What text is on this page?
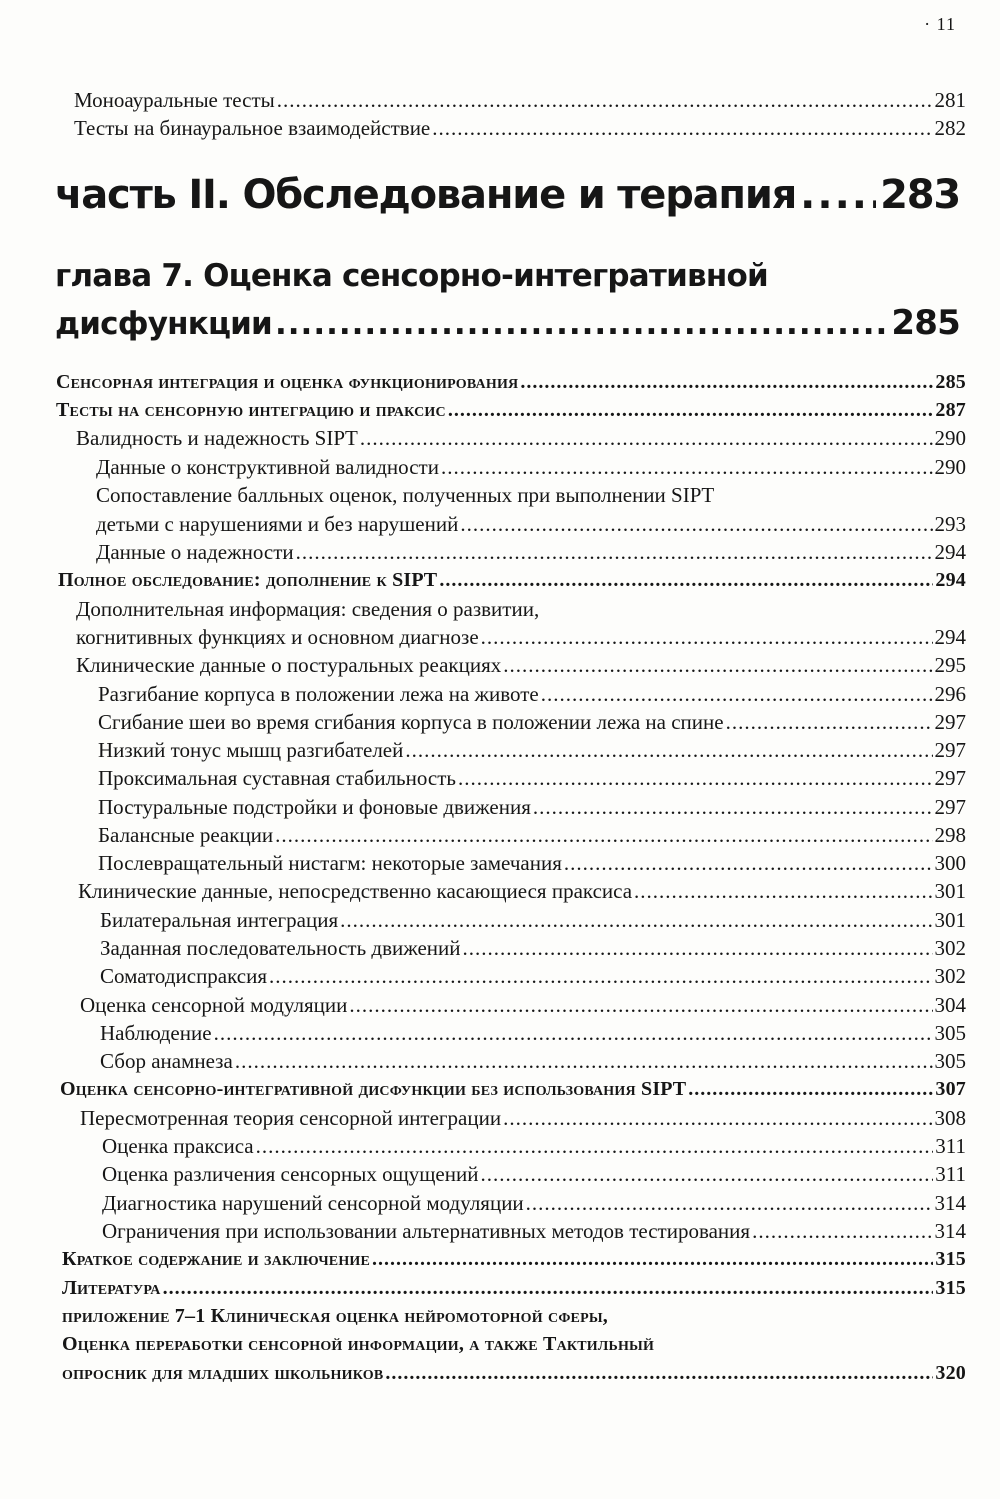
· 11
Моноауральные тесты .....	281
Тесты на бинауральное взаимодействие .....	282
часть II. Обследование и терапия ..... 283
глава 7. Оценка сенсорно-интегративной
дисфункции .....	285
Сенсорная интеграция и оценка функционирования .....	285
Тесты на сенсорную интеграцию и праксис .....	287
Валидность и надежность SIPT .....	290
Данные о конструктивной валидности .....	290
Сопоставление балльных оценок, полученных при выполнении SIPT
детьми с нарушениями и без нарушений .....	293
Данные о надежности .....	294
Полное обследование: дополнение к SIPT .....	294
Дополнительная информация: сведения о развитии,
когнитивных функциях и основном диагнозе .....	294
Клинические данные о постуральных реакциях .....	295
Разгибание корпуса в положении лежа на животе .....	296
Сгибание шеи во время сгибания корпуса в положении лежа на спине .....	297
Низкий тонус мышц разгибателей .....	297
Проксимальная суставная стабильность .....	297
Постуральные подстройки и фоновые движения .....	297
Балансные реакции .....	298
Послевращательный нистагм: некоторые замечания .....	300
Клинические данные, непосредственно касающиеся праксиса .....	301
Билатеральная интеграция .....	301
Заданная последовательность движений .....	302
Соматодиспраксия .....	302
Оценка сенсорной модуляции .....	304
Наблюдение .....	305
Сбор анамнеза .....	305
Оценка сенсорно-интегративной дисфункции без использования SIPT .....	307
Пересмотренная теория сенсорной интеграции .....	308
Оценка праксиса .....	311
Оценка различения сенсорных ощущений .....	311
Диагностика нарушений сенсорной модуляции .....	314
Ограничения при использовании альтернативных методов тестирования .....	314
Краткое содержание и заключение .....	315
Литература .....	315
приложение 7–1 Клиническая оценка нейромоторной сферы,
Оценка переработки сенсорной информации, а также Тактильный
опросник для младших школьников .....	320
